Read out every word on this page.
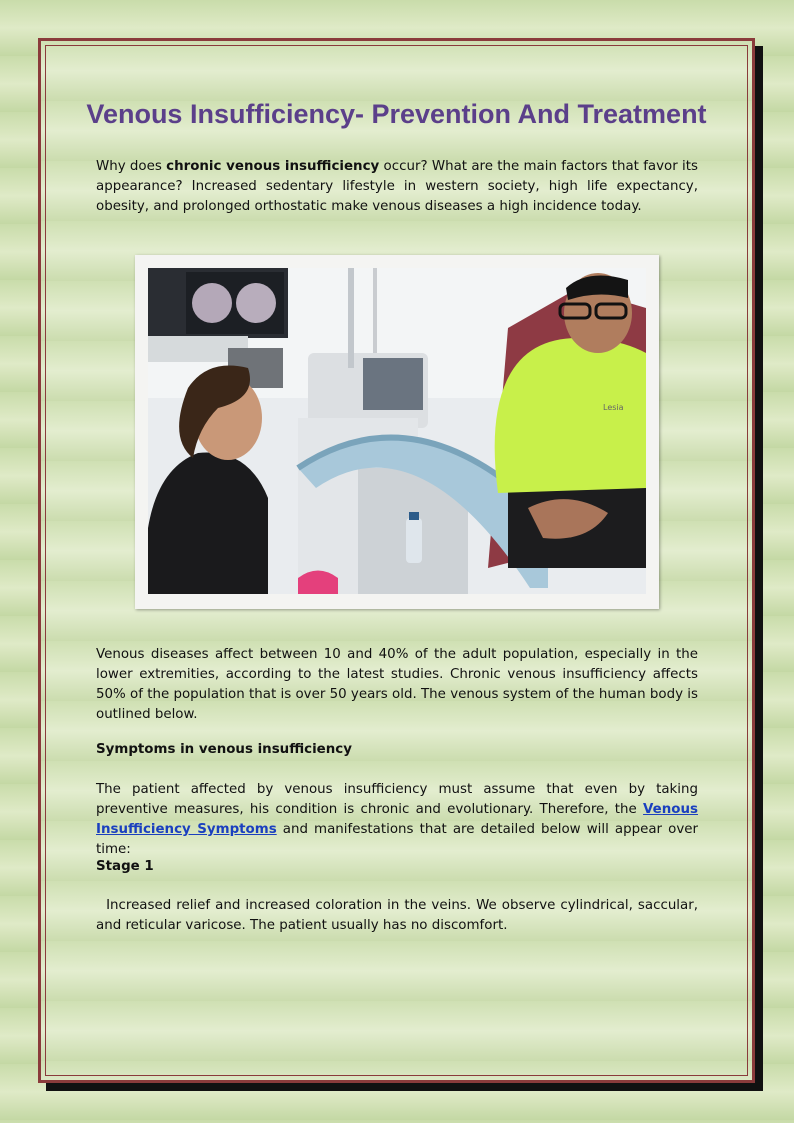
Venous Insufficiency- Prevention And Treatment

Why does chronic venous insufficiency occur? What are the main factors that favor its appearance? Increased sedentary lifestyle in western society, high life expectancy, obesity, and prolonged orthostatic make venous diseases a high incidence today.

Lesia

Venous diseases affect between 10 and 40% of the adult population, especially in the lower extremities, according to the latest studies. Chronic venous insufficiency affects 50% of the population that is over 50 years old. The venous system of the human body is outlined below.

Symptoms in venous insufficiency

The patient affected by venous insufficiency must assume that even by taking preventive measures, his condition is chronic and evolutionary. Therefore, the Venous Insufficiency Symptoms and manifestations that are detailed below will appear over time:

Stage 1

Increased relief and increased coloration in the veins. We observe cylindrical, saccular, and reticular varicose. The patient usually has no discomfort.
